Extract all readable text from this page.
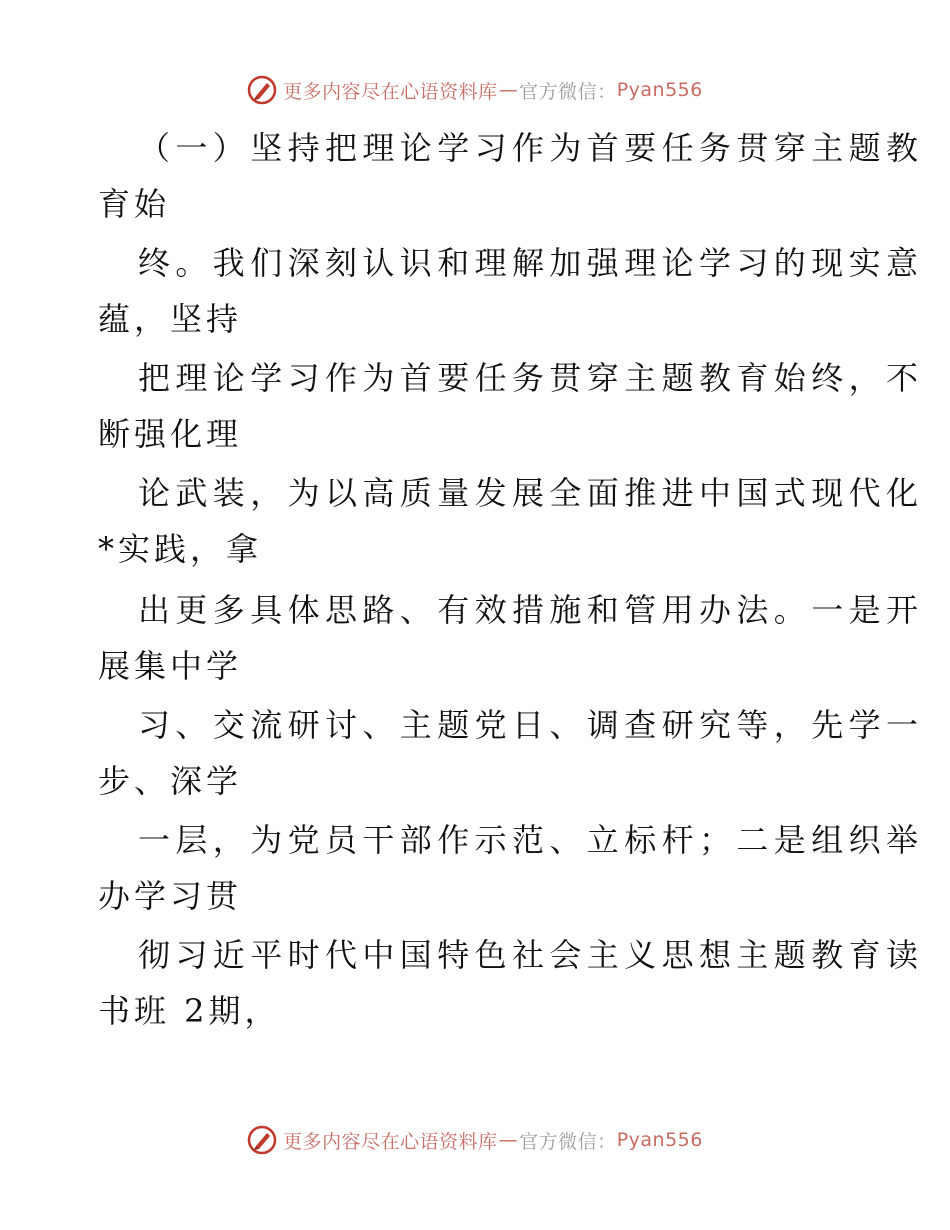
更多内容尽在心语资料库 — 官方微信： Pyan556
（一）坚持把理论学习作为首要任务贯穿主题教
育始
终。我们深刻认识和理解加强理论学习的现实意
蕴，坚持
把理论学习作为首要任务贯穿主题教育始终，不
断强化理
论武装，为以高质量发展全面推进中国式现代化
*实践，拿
出更多具体思路、有效措施和管用办法。一是开
展集中学
习、交流研讨、主题党日、调查研究等，先学一
步、深学
一层，为党员干部作示范、立标杆；二是组织举
办学习贯
彻习近平时代中国特色社会主义思想主题教育读
书班 2期，
更多内容尽在心语资料库 — 官方微信： Pyan556
